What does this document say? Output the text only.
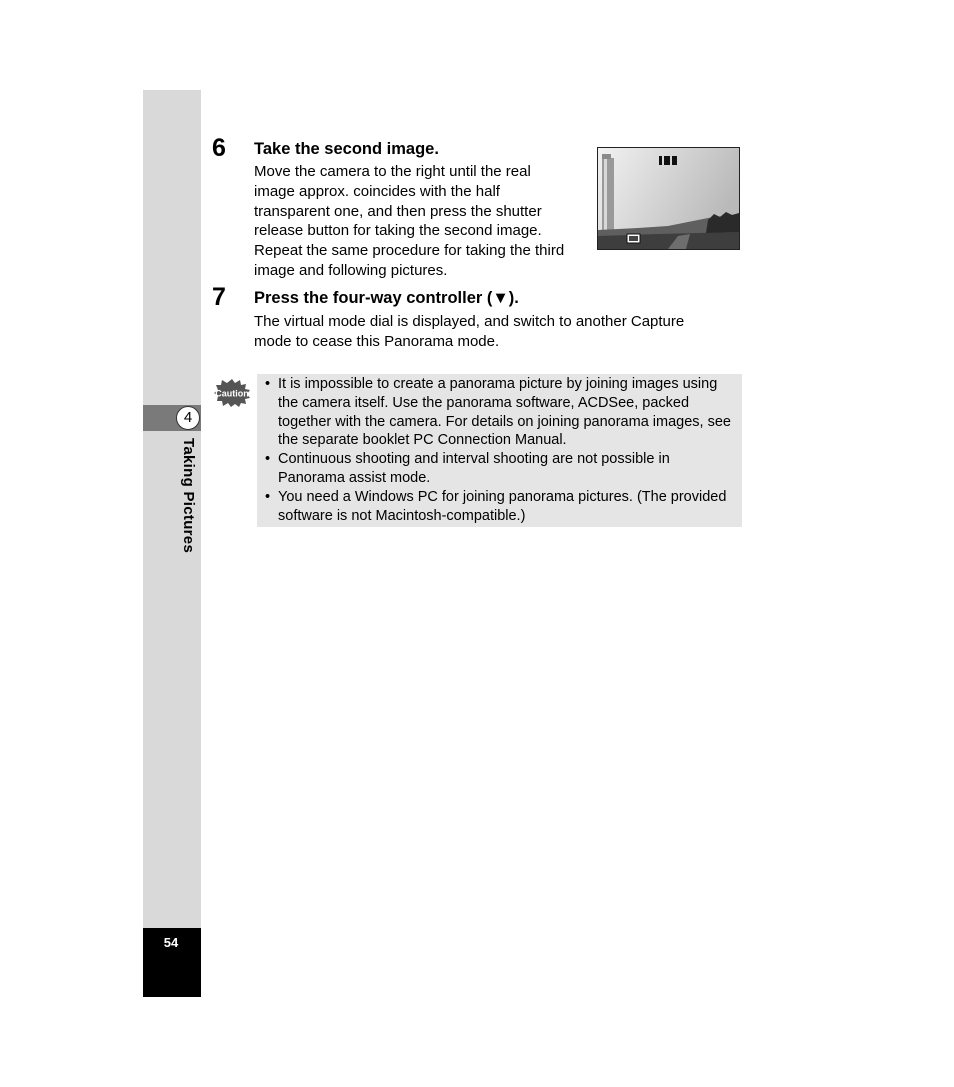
4
Taking Pictures
54
6 Take the second image.

Move the camera to the right until the real

image approx. coincides with the half

transparent one, and then press the shutter

release button for taking the second image.

Repeat the same procedure for taking the third

image and following pictures.

7 Press the four-way controller (▼).

The virtual mode dial is displayed, and switch to another Capture

mode to cease this Panorama mode.

Caution
• It is impossible to create a panorama picture by joining images using
the camera itself. Use the panorama software, ACDSee, packed
together with the camera. For details on joining panorama images, see
the separate booklet PC Connection Manual.
• Continuous shooting and interval shooting are not possible in
Panorama assist mode.
• You need a Windows PC for joining panorama pictures. (The provided
software is not Macintosh-compatible.)
